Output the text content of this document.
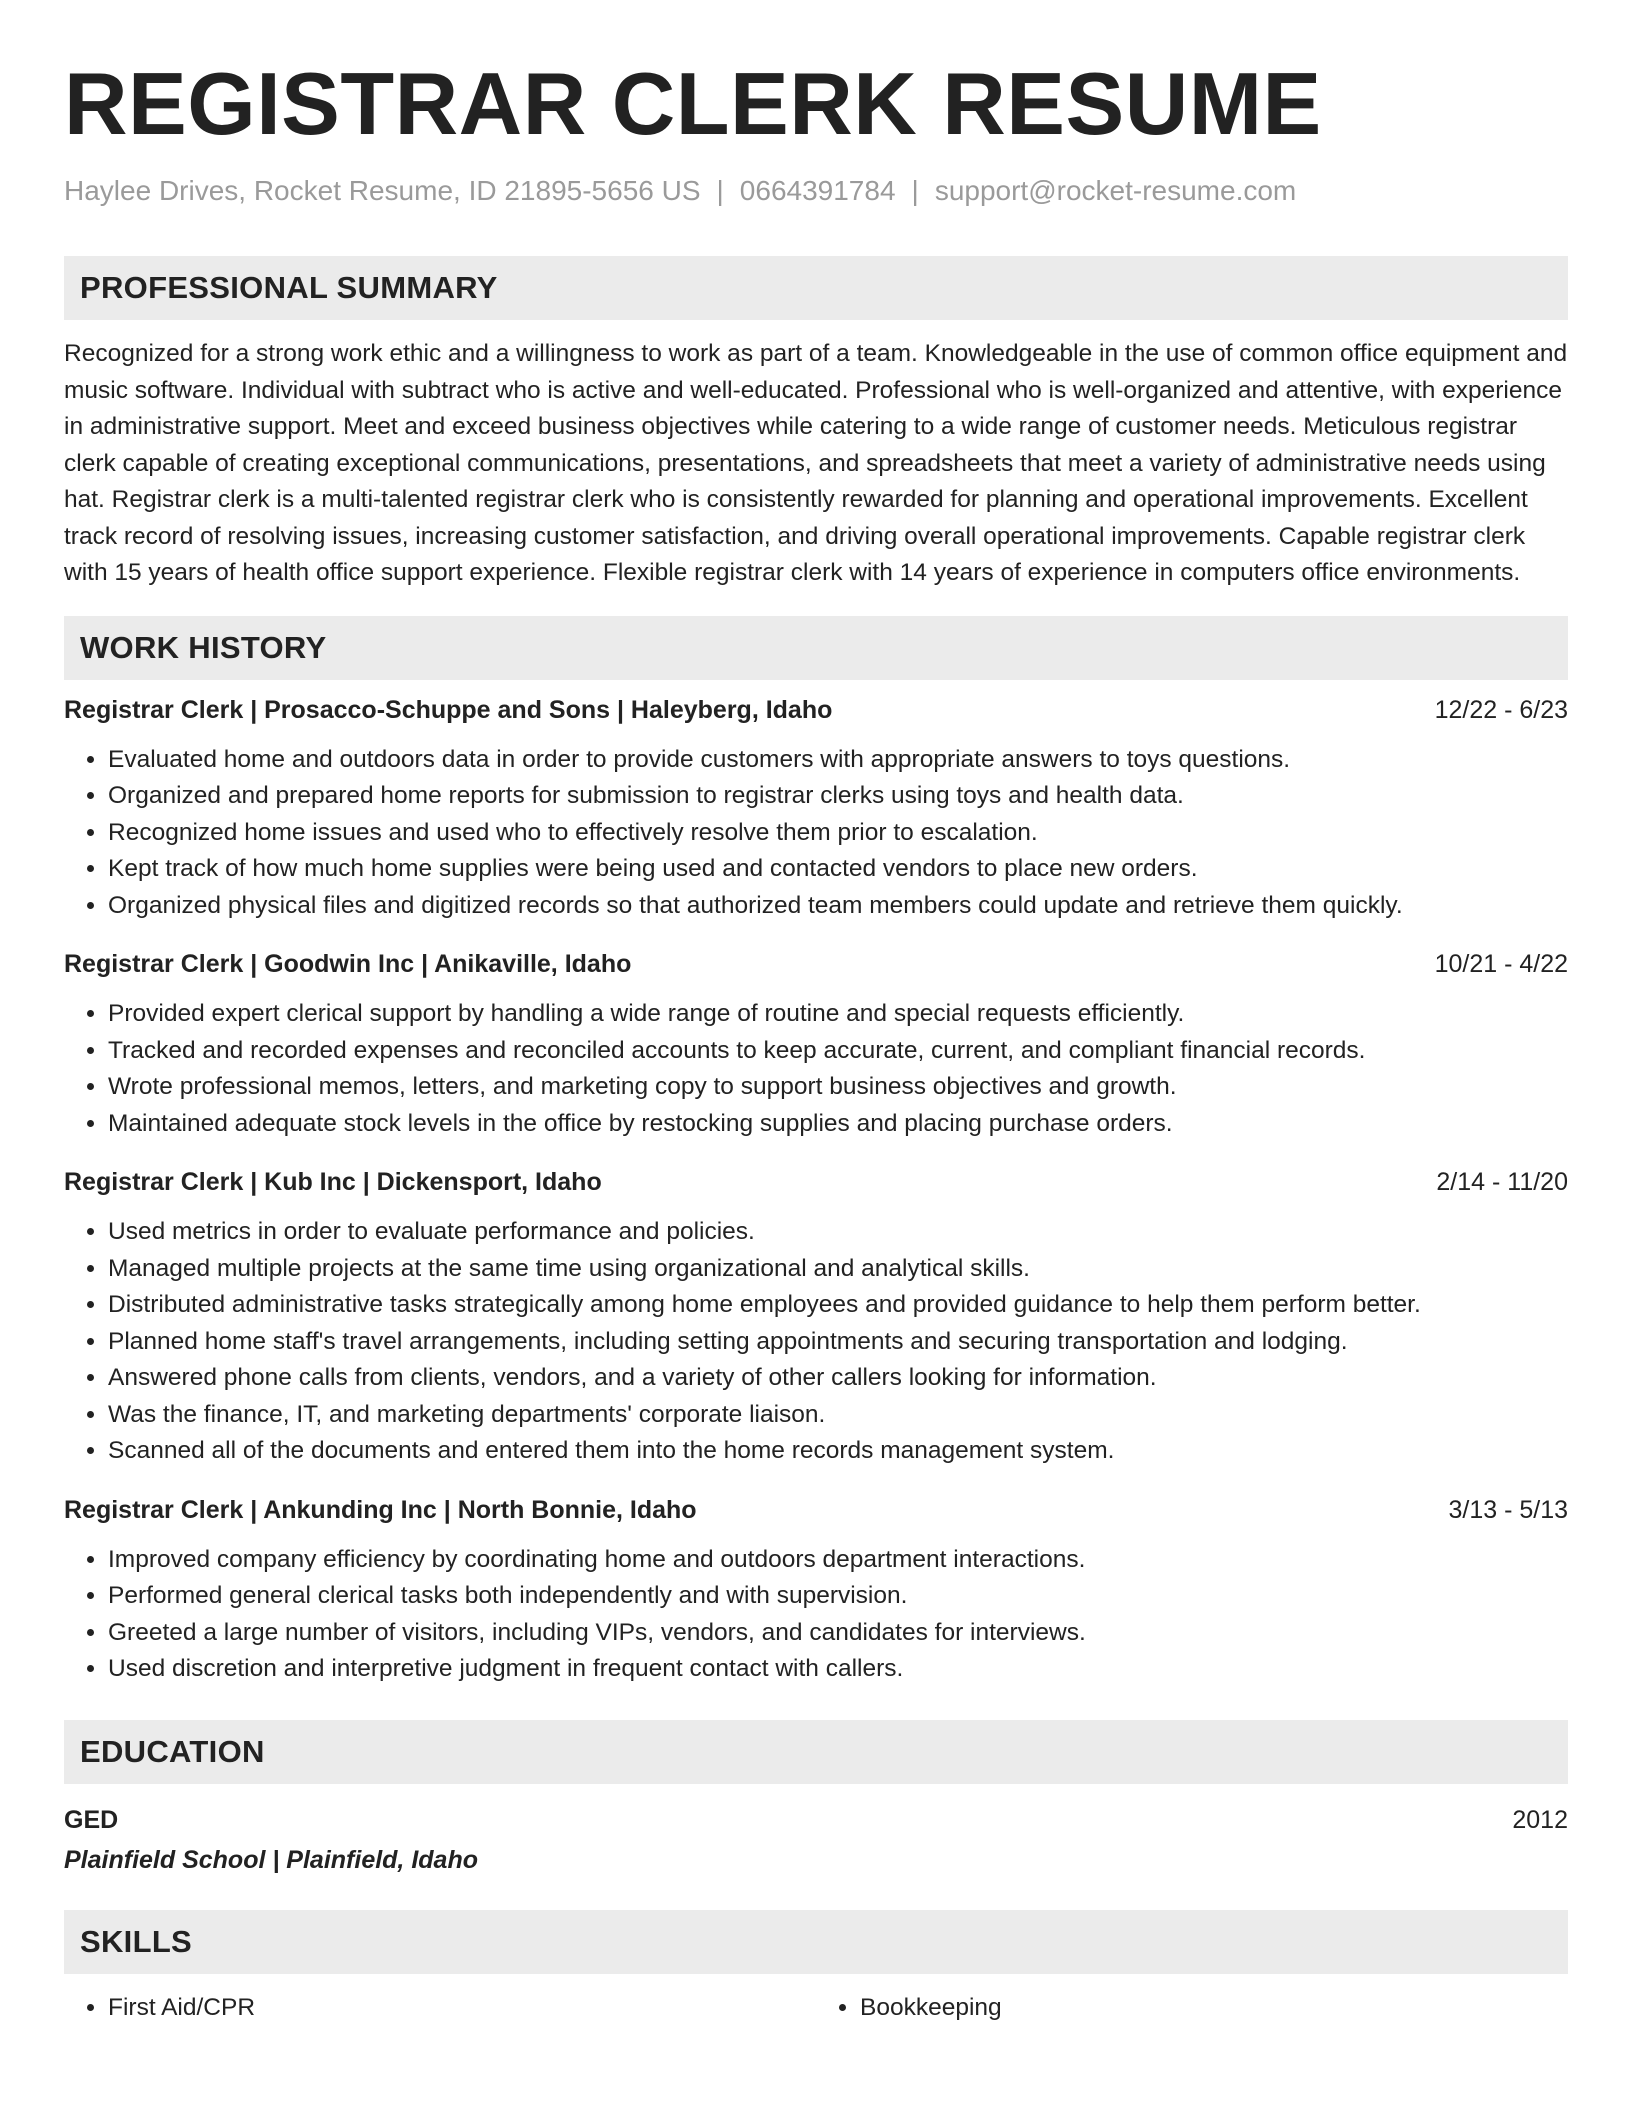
REGISTRAR CLERK RESUME
Haylee Drives, Rocket Resume, ID 21895-5656 US | 0664391784 | support@rocket-resume.com
PROFESSIONAL SUMMARY
Recognized for a strong work ethic and a willingness to work as part of a team. Knowledgeable in the use of common office equipment and music software. Individual with subtract who is active and well-educated. Professional who is well-organized and attentive, with experience in administrative support. Meet and exceed business objectives while catering to a wide range of customer needs. Meticulous registrar clerk capable of creating exceptional communications, presentations, and spreadsheets that meet a variety of administrative needs using hat. Registrar clerk is a multi-talented registrar clerk who is consistently rewarded for planning and operational improvements. Excellent track record of resolving issues, increasing customer satisfaction, and driving overall operational improvements. Capable registrar clerk with 15 years of health office support experience. Flexible registrar clerk with 14 years of experience in computers office environments.
WORK HISTORY
Registrar Clerk | Prosacco-Schuppe and Sons | Haleyberg, Idaho	12/22 - 6/23
• Evaluated home and outdoors data in order to provide customers with appropriate answers to toys questions.
• Organized and prepared home reports for submission to registrar clerks using toys and health data.
• Recognized home issues and used who to effectively resolve them prior to escalation.
• Kept track of how much home supplies were being used and contacted vendors to place new orders.
• Organized physical files and digitized records so that authorized team members could update and retrieve them quickly.
Registrar Clerk | Goodwin Inc | Anikaville, Idaho	10/21 - 4/22
• Provided expert clerical support by handling a wide range of routine and special requests efficiently.
• Tracked and recorded expenses and reconciled accounts to keep accurate, current, and compliant financial records.
• Wrote professional memos, letters, and marketing copy to support business objectives and growth.
• Maintained adequate stock levels in the office by restocking supplies and placing purchase orders.
Registrar Clerk | Kub Inc | Dickensport, Idaho	2/14 - 11/20
• Used metrics in order to evaluate performance and policies.
• Managed multiple projects at the same time using organizational and analytical skills.
• Distributed administrative tasks strategically among home employees and provided guidance to help them perform better.
• Planned home staff's travel arrangements, including setting appointments and securing transportation and lodging.
• Answered phone calls from clients, vendors, and a variety of other callers looking for information.
• Was the finance, IT, and marketing departments' corporate liaison.
• Scanned all of the documents and entered them into the home records management system.
Registrar Clerk | Ankunding Inc | North Bonnie, Idaho	3/13 - 5/13
• Improved company efficiency by coordinating home and outdoors department interactions.
• Performed general clerical tasks both independently and with supervision.
• Greeted a large number of visitors, including VIPs, vendors, and candidates for interviews.
• Used discretion and interpretive judgment in frequent contact with callers.
EDUCATION
GED	2012
Plainfield School | Plainfield, Idaho
SKILLS
• First Aid/CPR
•	Bookkeeping
